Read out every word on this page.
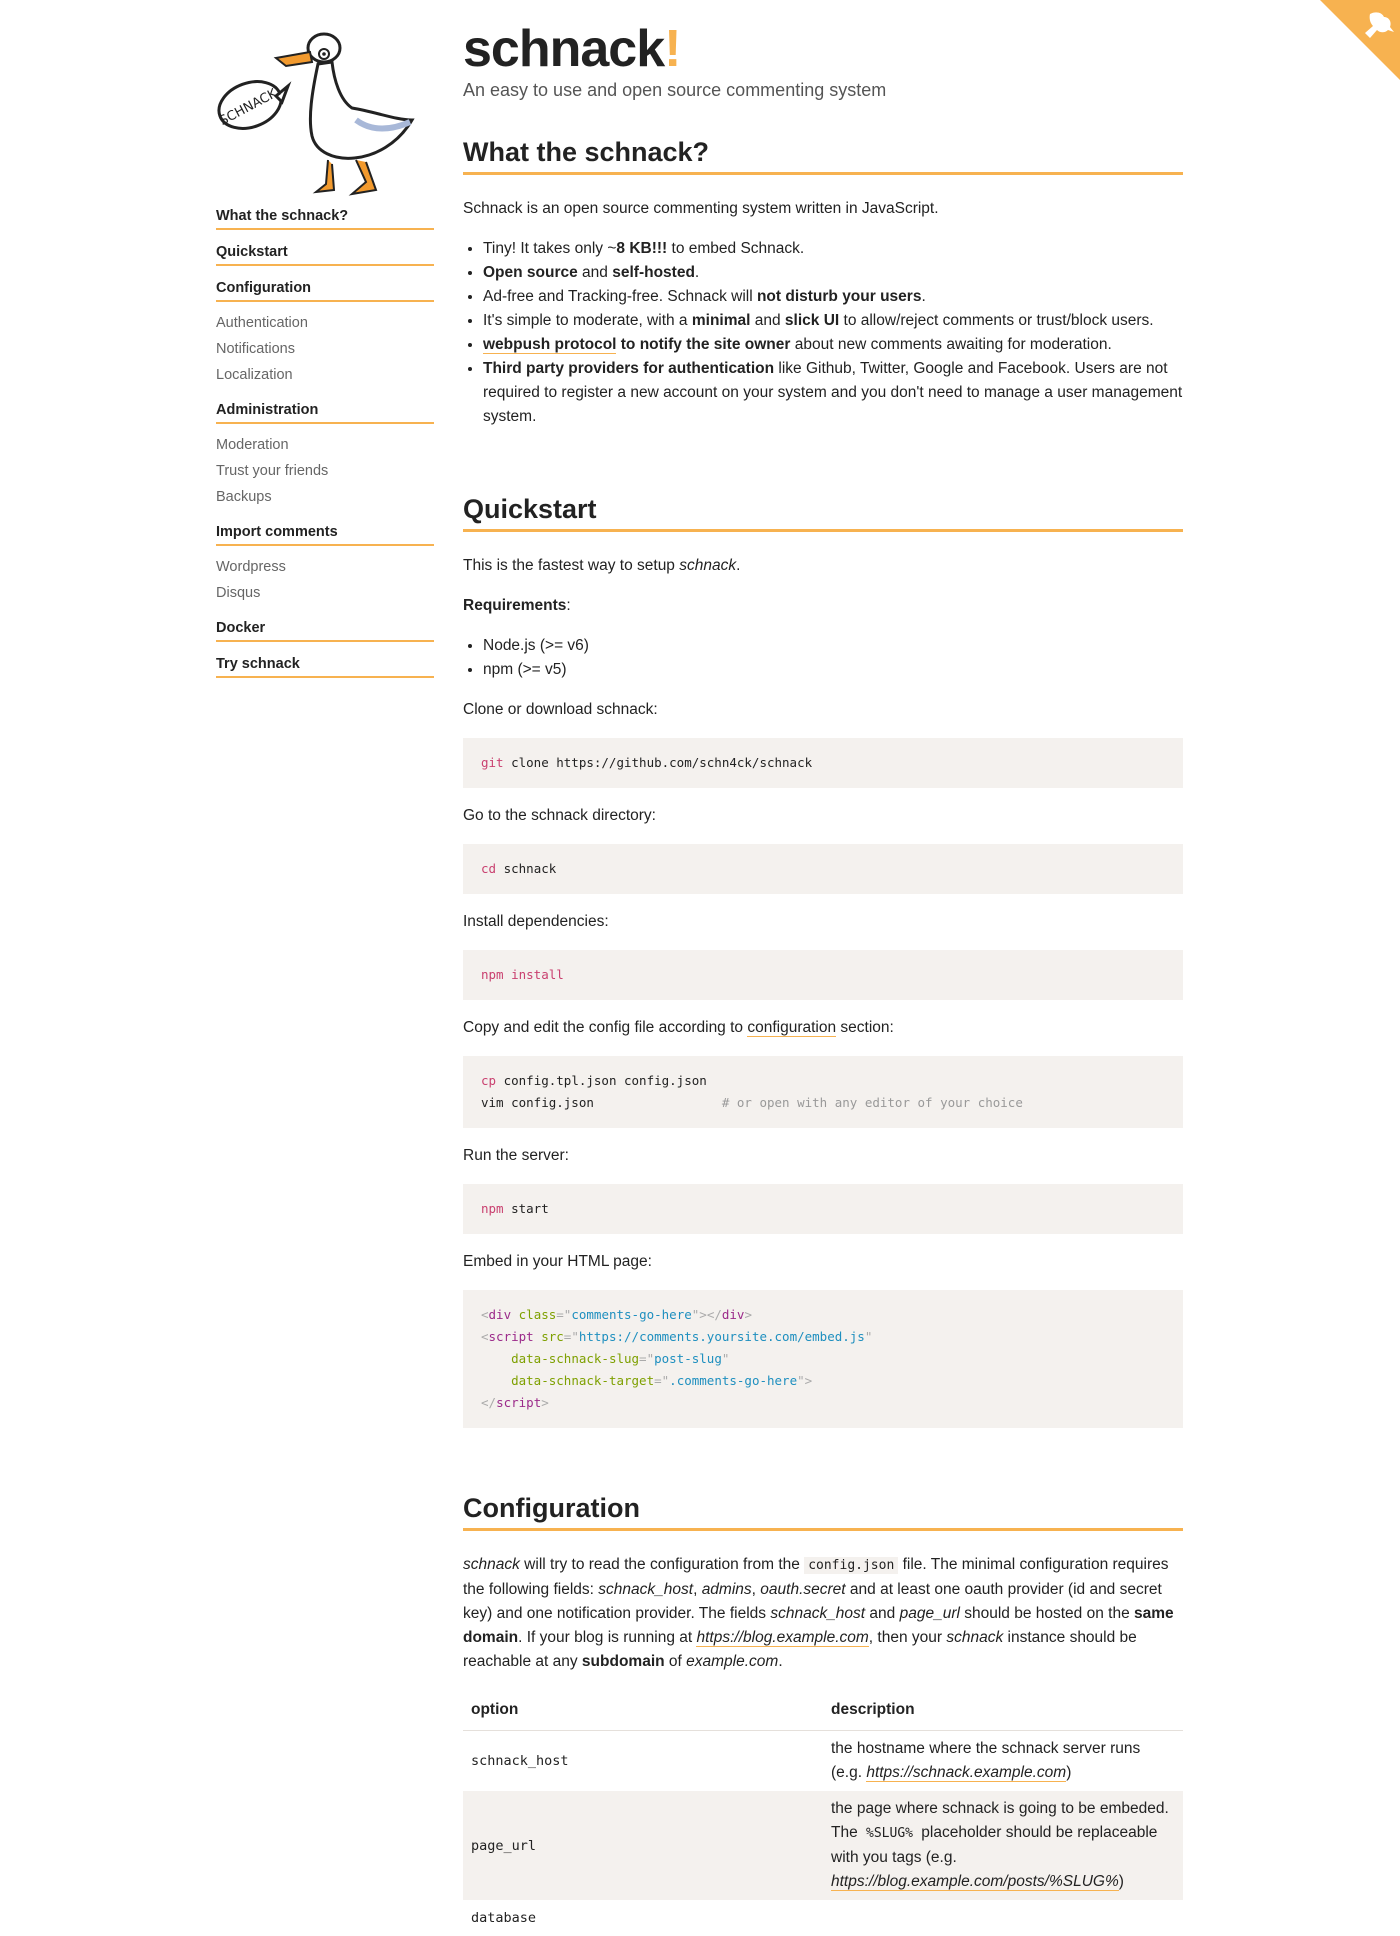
SCHNACK!
What the schnack?
Quickstart
Configuration
Authentication
Notifications
Localization
Administration
Moderation
Trust your friends
Backups
Import comments
Wordpress
Disqus
Docker
Try schnack
schnack!
An easy to use and open source commenting system
What the schnack?

Schnack is an open source commenting system written in JavaScript.

• Tiny! It takes only ~8 KB!!! to embed Schnack.
• Open source and self-hosted.
• Ad-free and Tracking-free. Schnack will not disturb your users.
• It's simple to moderate, with a minimal and slick UI to allow/reject comments or trust/block users.
• webpush protocol to notify the site owner about new comments awaiting for moderation.
• Third party providers for authentication like Github, Twitter, Google and Facebook. Users are not required to register a new account on your system and you don't need to manage a user management system.
Quickstart

This is the fastest way to setup schnack.

Requirements:

• Node.js (>= v6)
• npm (>= v5)

Clone or download schnack:

git clone https://github.com/schn4ck/schnack

Go to the schnack directory:

cd schnack

Install dependencies:

npm install

Copy and edit the config file according to configuration section:

cp config.tpl.json config.json
vim config.json	# or open with any editor of your choice

Run the server:

npm start

Embed in your HTML page:

<div class="comments-go-here"></div>
<script src="https://comments.yoursite.com/embed.js"
data-schnack-slug="post-slug"
data-schnack-target=".comments-go-here">
</script>
Configuration

schnack will try to read the configuration from the config.json file. The minimal configuration requires the following fields: schnack_host, admins, oauth.secret and at least one oauth provider (id and secret key) and one notification provider. The fields schnack_host and page_url should be hosted on the same domain. If your blog is running at https://blog.example.com, then your schnack instance should be reachable at any subdomain of example.com.

option	description
schnack_host	the hostname where the schnack server runs (e.g. https://schnack.example.com)
page_url	the page where schnack is going to be embeded. The %SLUG% placeholder should be replaceable with you tags (e.g. https://blog.example.com/posts/%SLUG%)
database	
